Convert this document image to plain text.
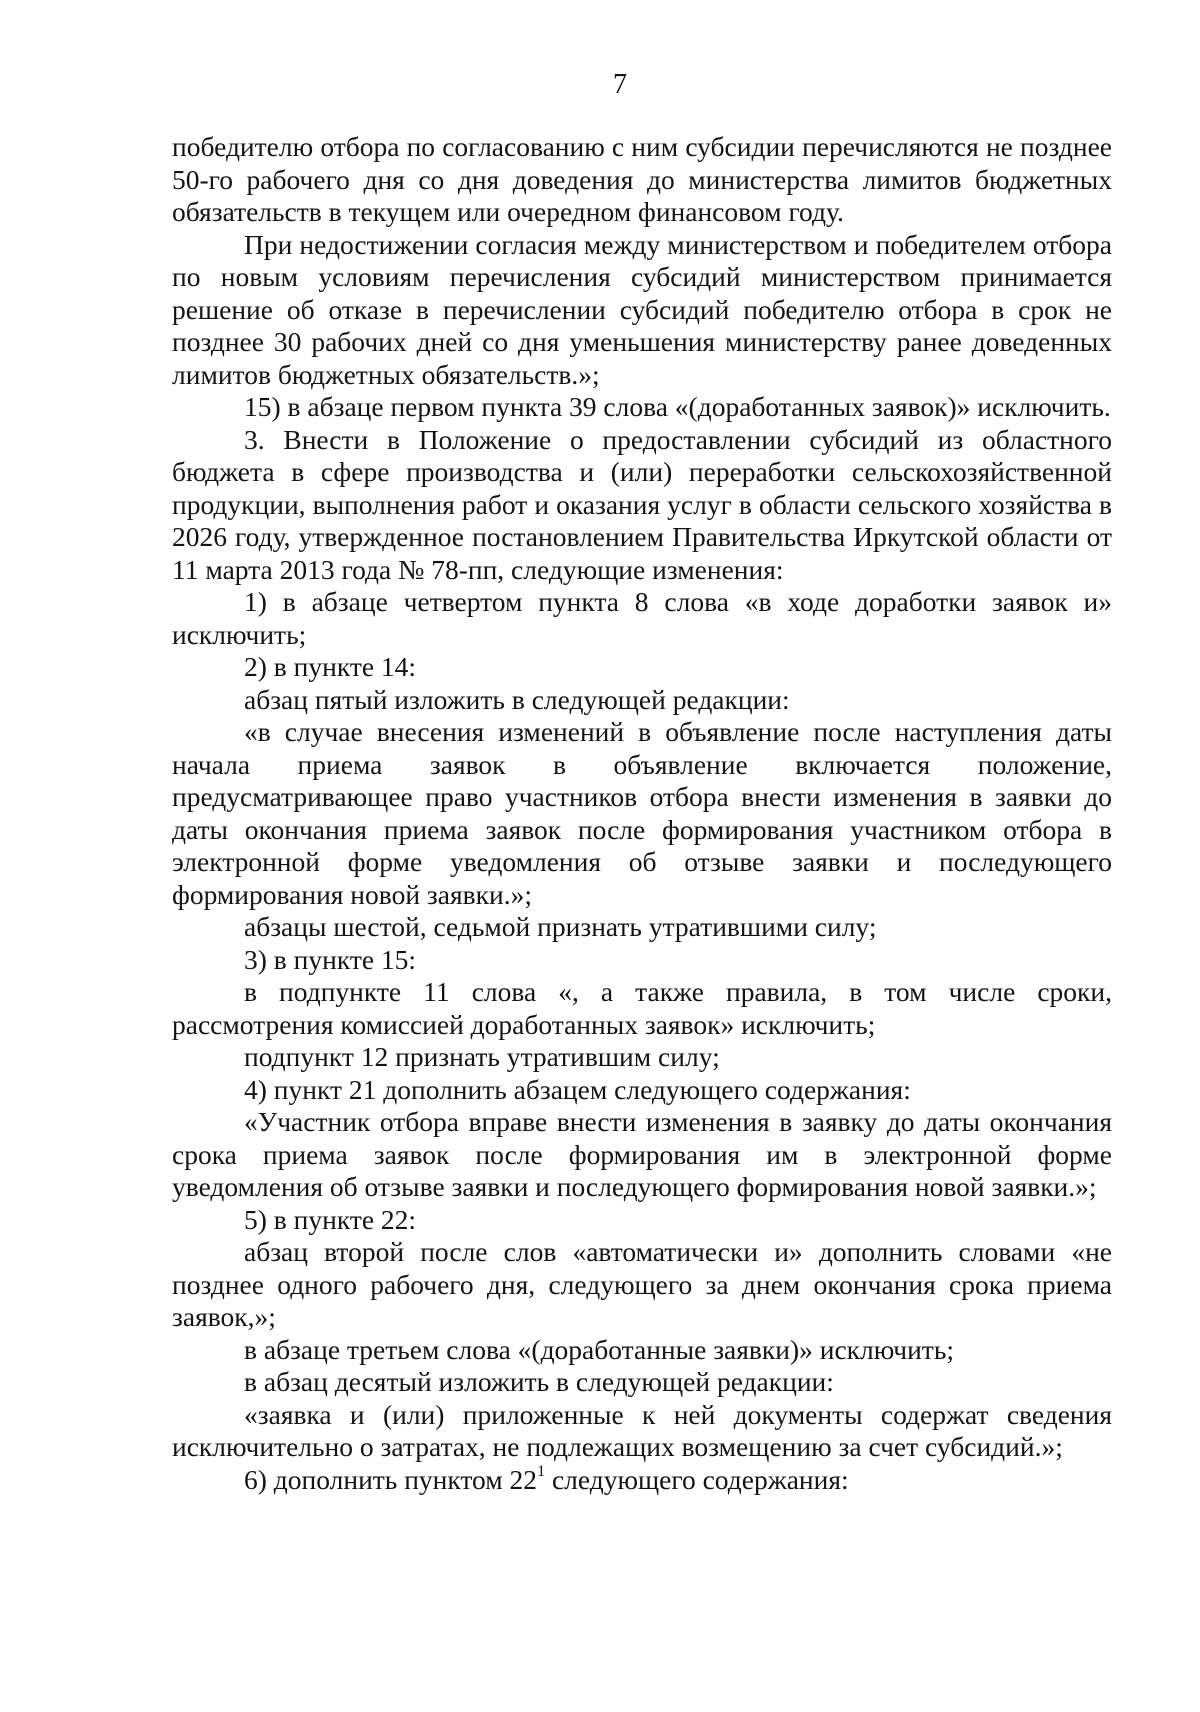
7

победителю отбора по согласованию с ним субсидии перечисляются не позднее 50-го рабочего дня со дня доведения до министерства лимитов бюджетных обязательств в текущем или очередном финансовом году.

При недостижении согласия между министерством и победителем отбора по новым условиям перечисления субсидий министерством принимается решение об отказе в перечислении субсидий победителю отбора в срок не позднее 30 рабочих дней со дня уменьшения министерству ранее доведенных лимитов бюджетных обязательств.»;

15) в абзаце первом пункта 39 слова «(доработанных заявок)» исключить.

3. Внести в Положение о предоставлении субсидий из областного бюджета в сфере производства и (или) переработки сельскохозяйственной продукции, выполнения работ и оказания услуг в области сельского хозяйства в 2026 году, утвержденное постановлением Правительства Иркутской области от 11 марта 2013 года № 78-пп, следующие изменения:

1) в абзаце четвертом пункта 8 слова «в ходе доработки заявок и» исключить;

2) в пункте 14:

абзац пятый изложить в следующей редакции:

«в случае внесения изменений в объявление после наступления даты начала приема заявок в объявление включается положение, предусматривающее право участников отбора внести изменения в заявки до даты окончания приема заявок после формирования участником отбора в электронной форме уведомления об отзыве заявки и последующего формирования новой заявки.»;

абзацы шестой, седьмой признать утратившими силу;

3) в пункте 15:

в подпункте 11 слова «, а также правила, в том числе сроки, рассмотрения комиссией доработанных заявок» исключить;

подпункт 12 признать утратившим силу;

4) пункт 21 дополнить абзацем следующего содержания:

«Участник отбора вправе внести изменения в заявку до даты окончания срока приема заявок после формирования им в электронной форме уведомления об отзыве заявки и последующего формирования новой заявки.»;

5) в пункте 22:

абзац второй после слов «автоматически и» дополнить словами «не позднее одного рабочего дня, следующего за днем окончания срока приема заявок,»;

в абзаце третьем слова «(доработанные заявки)» исключить;

в абзац десятый изложить в следующей редакции:

«заявка и (или) приложенные к ней документы содержат сведения исключительно о затратах, не подлежащих возмещению за счет субсидий.»;

6) дополнить пунктом $22^1$ следующего содержания:
